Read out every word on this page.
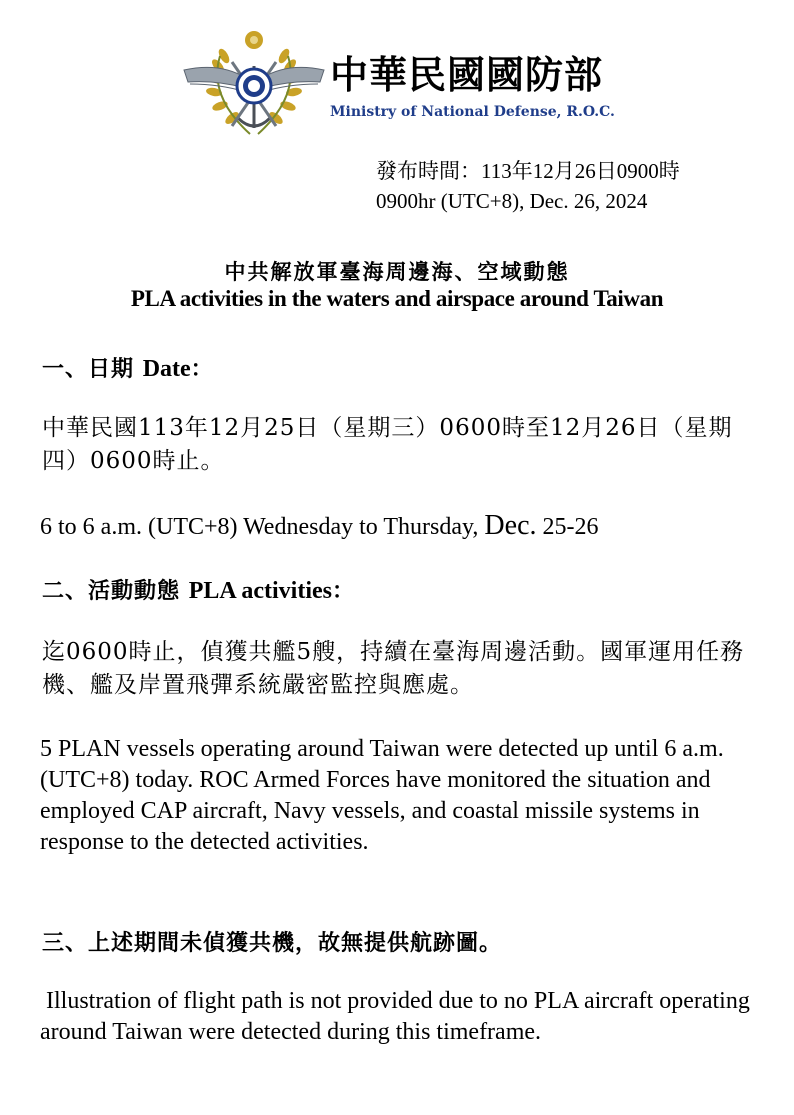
中華民國國防部
Ministry of National Defense, R.O.C.
發布時間：113年12月26日0900時
0900hr (UTC+8), Dec. 26, 2024
中共解放軍臺海周邊海、空域動態
PLA activities in the waters and airspace around Taiwan
一、日期 Date：
中華民國113年12月25日（星期三）0600時至12月26日（星期四）0600時止。
6 to 6 a.m. (UTC+8) Wednesday to Thursday, Dec. 25-26
二、活動動態 PLA activities：
迄0600時止，偵獲共艦5艘，持續在臺海周邊活動。國軍運用任務機、艦及岸置飛彈系統嚴密監控與應處。
5 PLAN vessels operating around Taiwan were detected up until 6 a.m. (UTC+8) today. ROC Armed Forces have monitored the situation and employed CAP aircraft, Navy vessels, and coastal missile systems in response to the detected activities.
三、上述期間未偵獲共機，故無提供航跡圖。
Illustration of flight path is not provided due to no PLA aircraft operating around Taiwan were detected during this timeframe.
